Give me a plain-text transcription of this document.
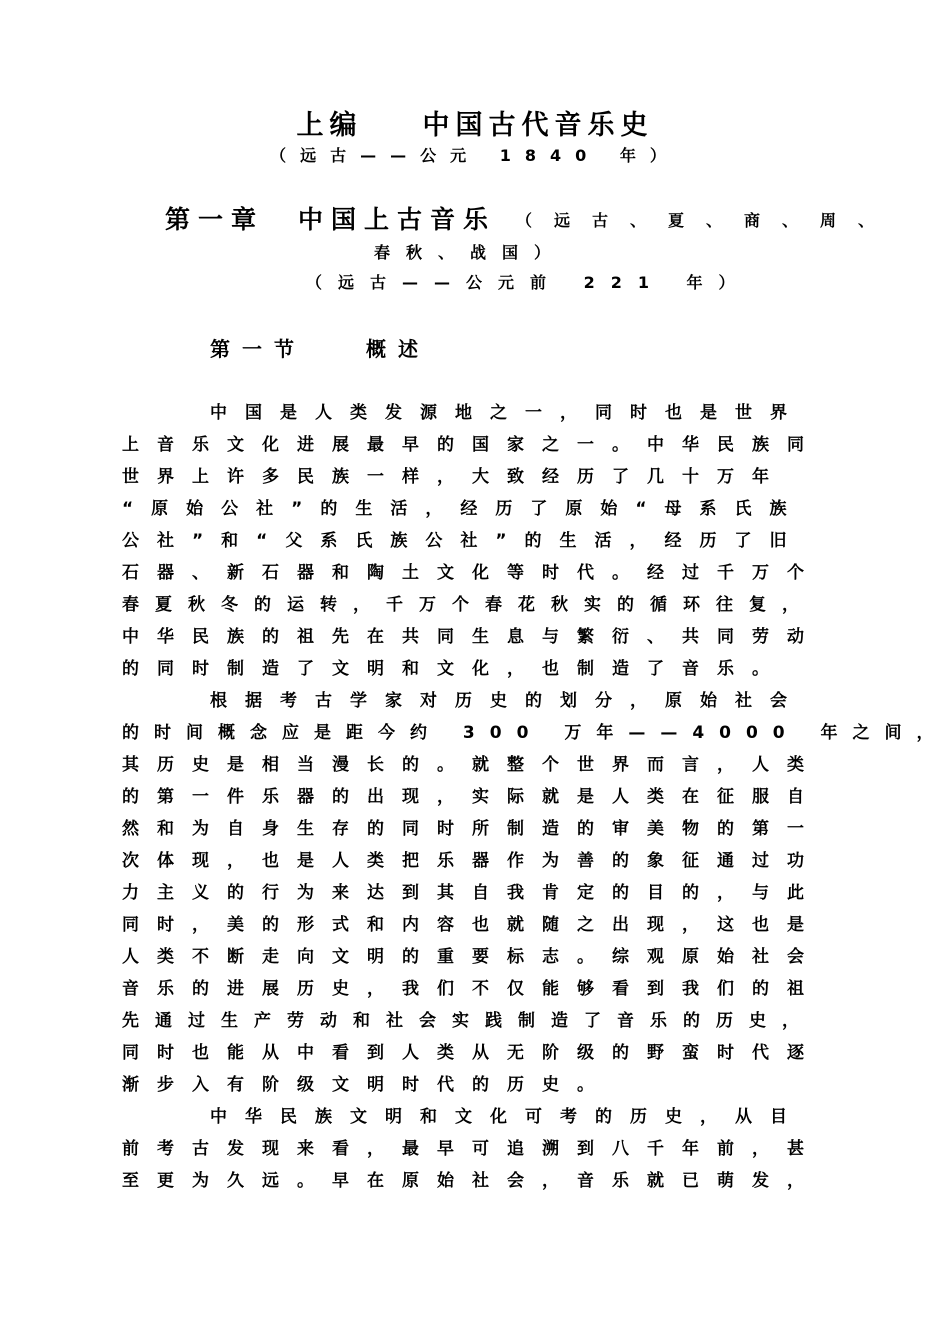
上编 中国古代音乐史
（远古——公元 1840 年）
第一章 中国上古音乐 （远古、夏、商、周、
春秋、战国）
（远古——公元前 221 年）
第一节	概述
中国是人类发源地之一，同时也是世界
上音乐文化进展最早的国家之一。中华民族同
世界上许多民族一样，大致经历了几十万年
“原始公社”的生活，经历了原始“母系氏族
公社”和“父系氏族公社”的生活，经历了旧
石器、新石器和陶土文化等时代。经过千万个
春夏秋冬的运转，千万个春花秋实的循环往复，
中华民族的祖先在共同生息与繁衍、共同劳动
的同时制造了文明和文化，也制造了音乐。
根据考古学家对历史的划分，原始社会
的时间概念应是距今约 300 万年——4000 年之间，
其历史是相当漫长的。就整个世界而言，人类
的第一件乐器的出现，实际就是人类在征服自
然和为自身生存的同时所制造的审美物的第一
次体现，也是人类把乐器作为善的象征通过功
力主义的行为来达到其自我肯定的目的，与此
同时，美的形式和内容也就随之出现，这也是
人类不断走向文明的重要标志。综观原始社会
音乐的进展历史，我们不仅能够看到我们的祖
先通过生产劳动和社会实践制造了音乐的历史，
同时也能从中看到人类从无阶级的野蛮时代逐
渐步入有阶级文明时代的历史。
中华民族文明和文化可考的历史，从目
前考古发现来看，最早可追溯到八千年前，甚
至更为久远。早在原始社会，音乐就已萌发，
